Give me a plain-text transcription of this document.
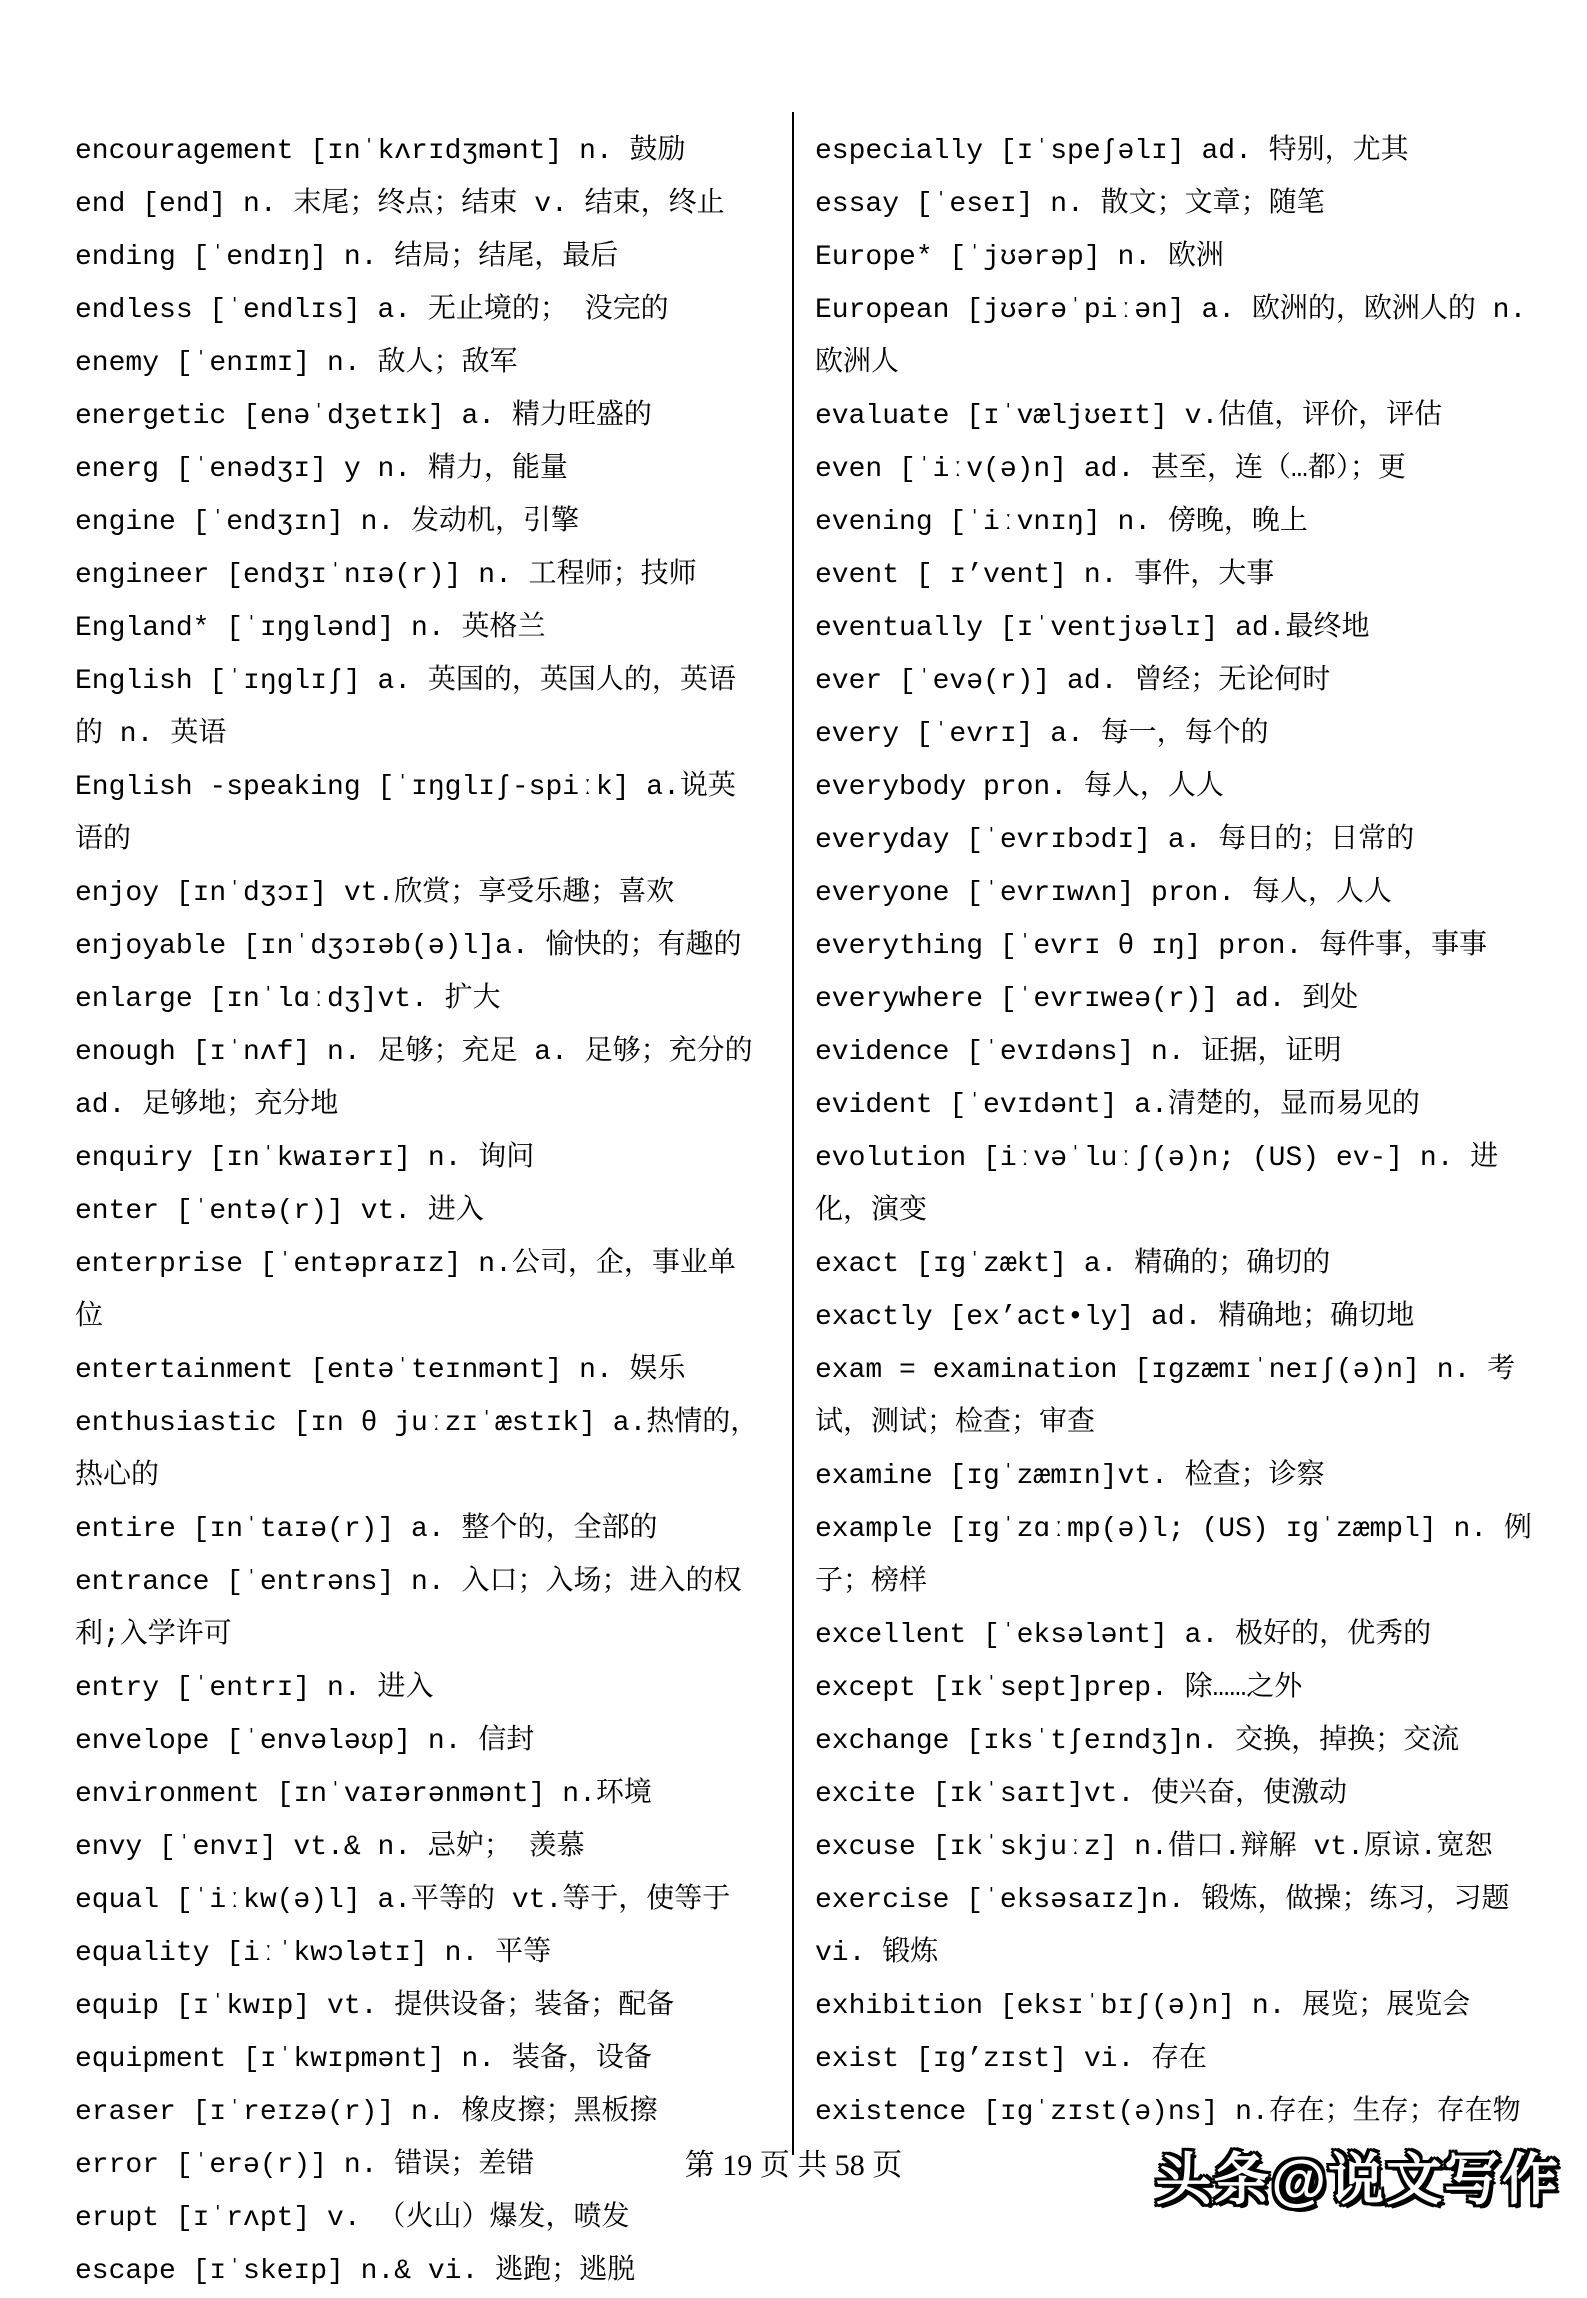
encouragement [ɪnˈkʌrɪdʒmənt] n. 鼓励
end [end] n. 末尾；终点；结束 v. 结束，终止
ending [ˈendɪŋ] n. 结局；结尾，最后
endless [ˈendlɪs] a. 无止境的； 没完的
enemy [ˈenɪmɪ] n. 敌人；敌军
energetic [enəˈdʒetɪk] a. 精力旺盛的
energ [ˈenədʒɪ] y n. 精力，能量
engine [ˈendʒɪn] n. 发动机，引擎
engineer [endʒɪˈnɪə(r)] n. 工程师；技师
England* [ˈɪŋglənd] n. 英格兰
English [ˈɪŋglɪʃ] a. 英国的，英国人的，英语的 n. 英语
English -speaking [ˈɪŋglɪʃ-spiːk] a.说英语的
enjoy [ɪnˈdʒɔɪ] vt.欣赏；享受乐趣；喜欢
enjoyable [ɪnˈdʒɔɪəb(ə)l]a. 愉快的；有趣的
enlarge [ɪnˈlɑːdʒ]vt. 扩大
enough [ɪˈnʌf] n. 足够；充足 a. 足够；充分的 ad. 足够地；充分地
enquiry [ɪnˈkwaɪərɪ] n. 询问
enter [ˈentə(r)] vt. 进入
enterprise [ˈentəpraɪz] n.公司，企，事业单位
entertainment [entəˈteɪnmənt] n. 娱乐
enthusiastic [ɪn θ juːzɪˈæstɪk] a.热情的，热心的
entire [ɪnˈtaɪə(r)] a. 整个的，全部的
entrance [ˈentrəns] n. 入口；入场；进入的权利;入学许可
entry [ˈentrɪ] n. 进入
envelope [ˈenvələʊp] n. 信封
environment [ɪnˈvaɪərənmənt] n.环境
envy [ˈenvɪ] vt.& n. 忌妒； 羡慕
equal [ˈiːkw(ə)l] a.平等的 vt.等于，使等于
equality [iːˈkwɔlətɪ] n. 平等
equip [ɪˈkwɪp] vt. 提供设备；装备；配备
equipment [ɪˈkwɪpmənt] n. 装备，设备
eraser [ɪˈreɪzə(r)] n. 橡皮擦；黑板擦
error [ˈerə(r)] n. 错误；差错
erupt [ɪˈrʌpt] v. （火山）爆发，喷发
escape [ɪˈskeɪp] n.& vi. 逃跑；逃脱
especially [ɪˈspeʃəlɪ] ad. 特别，尤其
essay [ˈeseɪ] n. 散文；文章；随笔
Europe* [ˈjʊərəp] n. 欧洲
European [jʊərəˈpiːən] a. 欧洲的，欧洲人的 n. 欧洲人
evaluate [ɪˈvæljʊeɪt] v.估值，评价，评估
even [ˈiːv(ə)n] ad. 甚至，连（…都）；更
evening [ˈiːvnɪŋ] n. 傍晚，晚上
event [ ɪ’vent] n. 事件，大事
eventually [ɪˈventjʊəlɪ] ad.最终地
ever [ˈevə(r)] ad. 曾经；无论何时
every [ˈevrɪ] a. 每一，每个的
everybody pron. 每人，人人
everyday [ˈevrɪbɔdɪ] a. 每日的；日常的
everyone [ˈevrɪwʌn] pron. 每人，人人
everything [ˈevrɪ θ ɪŋ] pron. 每件事，事事
everywhere [ˈevrɪweə(r)] ad. 到处
evidence [ˈevɪdəns] n. 证据，证明
evident [ˈevɪdənt] a.清楚的，显而易见的
evolution [iːvəˈluːʃ(ə)n; (US) ev-] n. 进化，演变
exact [ɪgˈzækt] a. 精确的；确切的
exactly [ex’act•ly] ad. 精确地；确切地
exam = examination [ɪgzæmɪˈneɪʃ(ə)n] n. 考试，测试；检查；审查
examine [ɪgˈzæmɪn]vt. 检查；诊察
example [ɪgˈzɑːmp(ə)l; (US) ɪgˈzæmpl] n. 例子；榜样
excellent [ˈeksələnt] a. 极好的，优秀的
except [ɪkˈsept]prep. 除……之外
exchange [ɪksˈtʃeɪndʒ]n. 交换，掉换；交流
excite [ɪkˈsaɪt]vt. 使兴奋，使激动
excuse [ɪkˈskjuːz] n.借口.辩解 vt.原谅.宽恕
exercise [ˈeksəsaɪz]n. 锻炼，做操；练习，习题 vi. 锻炼
exhibition [eksɪˈbɪʃ(ə)n] n. 展览；展览会
exist [ɪg’zɪst] vi. 存在
existence [ɪgˈzɪst(ə)ns] n.存在；生存；存在物
第 19 页 共 58 页	头条@说文写作
